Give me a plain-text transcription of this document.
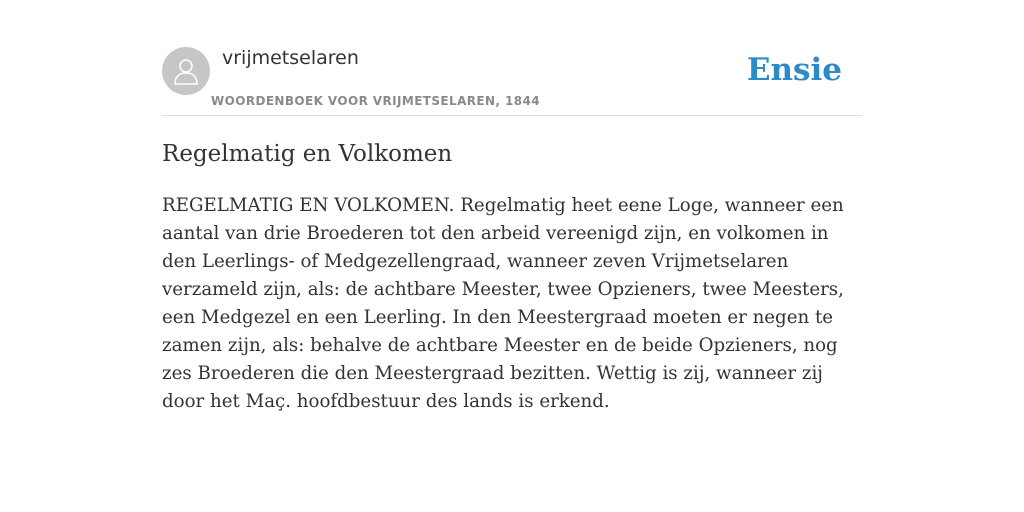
vrijmetselaren
WOORDENBOEK VOOR VRIJMETSELAREN, 1844
Ensie
Regelmatig en Volkomen

REGELMATIG EN VOLKOMEN. Regelmatig heet eene Loge, wanneer een aantal van drie Broederen tot den arbeid vereenigd zijn, en volkomen in den Leerlings- of Medgezellengraad, wanneer zeven Vrijmetselaren verzameld zijn, als: de achtbare Meester, twee Opzieners, twee Meesters, een Medgezel en een Leerling. In den Meestergraad moeten er negen te zamen zijn, als: behalve de achtbare Meester en de beide Opzieners, nog zes Broederen die den Meestergraad bezitten. Wettig is zij, wanneer zij door het Maç. hoofdbestuur des lands is erkend.
